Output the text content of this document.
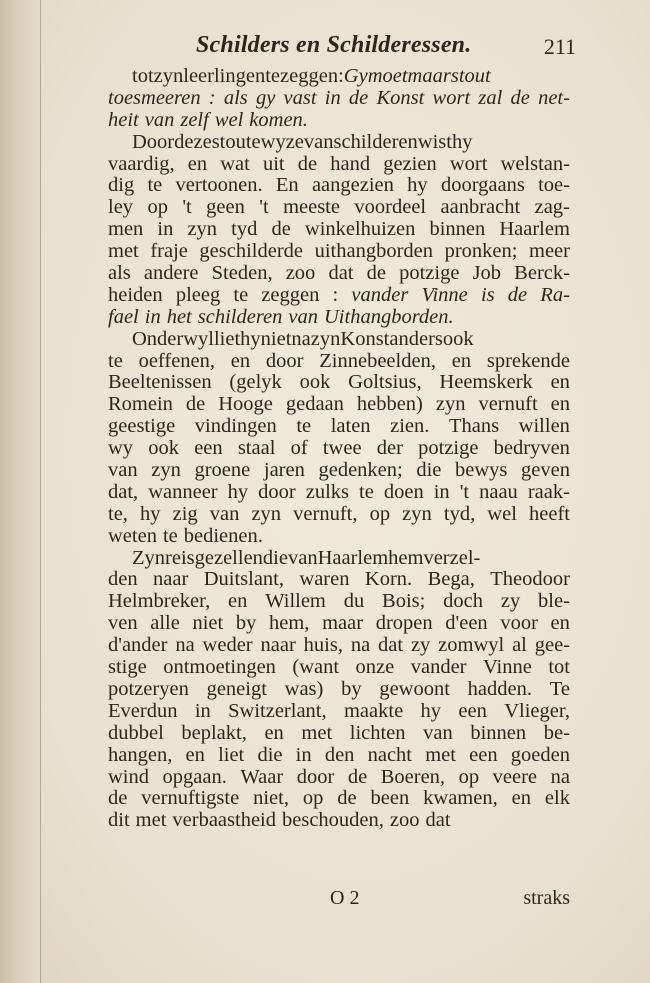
Schilders en Schilderessen.	211
tot zyn leerlingen te zeggen : Gy moet maar stout
toesmeeren : als gy vast in de Konst wort zal de net-
heit van zelf wel komen.
Door deze stoute wyze van schilderen wist hy
vaardig, en wat uit de hand gezien wort welstan-
dig te vertoonen. En aangezien hy doorgaans toe-
ley op 't geen 't meeste voordeel aanbracht zag-
men in zyn tyd de winkelhuizen binnen Haarlem
met fraje geschilderde uithangborden pronken; meer
als andere Steden, zoo dat de potzige Job Berck-
heiden pleeg te zeggen : vander Vinne is de Ra-
fael in het schilderen van Uithangborden.
Onderwyl liet hy niet na zyn Konst anders ook
te oeffenen, en door Zinnebeelden, en sprekende
Beeltenissen (gelyk ook Goltsius, Heemskerk en
Romein de Hooge gedaan hebben) zyn vernuft en
geestige vindingen te laten zien. Thans willen
wy ook een staal of twee der potzige bedryven
van zyn groene jaren gedenken; die bewys geven
dat, wanneer hy door zulks te doen in 't naau raak-
te, hy zig van zyn vernuft, op zyn tyd, wel heeft
weten te bedienen.
Zyn reisgezellen die van Haarlem hem verzel-
den naar Duitslant, waren Korn. Bega, Theodoor
Helmbreker, en Willem du Bois; doch zy ble-
ven alle niet by hem, maar dropen d'een voor en
d'ander na weder naar huis, na dat zy zomwyl al gee-
stige ontmoetingen (want onze vander Vinne tot
potzeryen geneigt was) by gewoont hadden. Te
Everdun in Switzerlant, maakte hy een Vlieger,
dubbel beplakt, en met lichten van binnen be-
hangen, en liet die in den nacht met een goeden
wind opgaan. Waar door de Boeren, op veere na
de vernuftigste niet, op de been kwamen, en elk
dit met verbaastheid beschouden, zoo dat
O 2	straks
